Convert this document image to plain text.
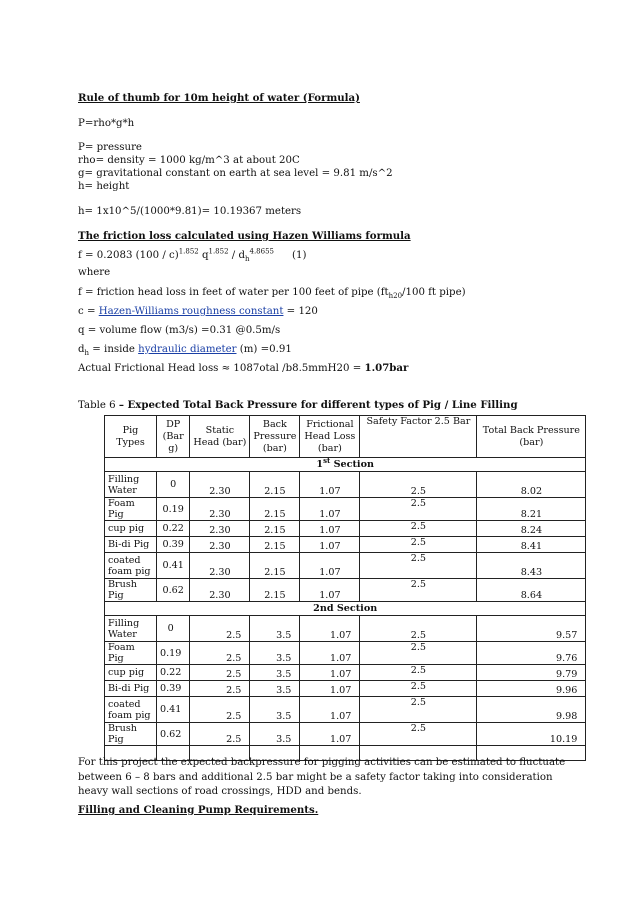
Rule of thumb for 10m height of water (Formula)
P=rho*g*h
P= pressure
rho= density = 1000 kg/m^3 at about 20C
g= gravitational constant on earth at sea level = 9.81 m/s^2
h= height
h= 1x10^5/(1000*9.81)= 10.19367 meters
The friction loss calculated using Hazen Williams formula
f = 0.2083 (100 / c)$^{1.852}$ $q^{1.852} / d_h^{4.8655}$ (1)
where
f = friction head loss in feet of water per 100 feet of pipe ($ft_{h20}/100$ ft pipe)
c = Hazen-Williams roughness constant = 120
q = volume flow (m3/s) =0.31 @0.5m/s
$d_h$ = inside hydraulic diameter (m) =0.91
Actual Frictional Head loss ≈ 1087otal /b8.5mmH20 = 1.07bar
Table 6 – Expected Total Back Pressure for different types of Pig / Line Filling
Pig Types	DP (Bar g)	Static Head (bar)	Back Pressure (bar)	Frictional Head Loss (bar)	Safety Factor 2.5 Bar	Total Back Pressure (bar)
1st Section						
Filling Water	0	2.30	2.15	1.07	2.5	8.02
Foam Pig	0.19	2.30	2.15	1.07	2.5	8.21
cup pig	0.22	2.30	2.15	1.07	2.5	8.24
Bi-di Pig	0.39	2.30	2.15	1.07	2.5	8.41
coated foam pig	0.41	2.30	2.15	1.07	2.5	8.43
Brush Pig	0.62	2.30	2.15	1.07	2.5	8.64
2nd Section						
Filling Water	0	2.5	3.5	1.07	2.5	9.57
Foam Pig	0.19	2.5	3.5	1.07	2.5	9.76
cup pig	0.22	2.5	3.5	1.07	2.5	9.79
Bi-di Pig	0.39	2.5	3.5	1.07	2.5	9.96
coated foam pig	0.41	2.5	3.5	1.07	2.5	9.98
Brush Pig	0.62	2.5	3.5	1.07	2.5	10.19

For this project the expected backpressure for pigging activities can be estimated to fluctuate between 6 – 8 bars and additional 2.5 bar might be a safety factor taking into consideration heavy wall sections of road crossings, HDD and bends.
Filling and Cleaning Pump Requirements.
